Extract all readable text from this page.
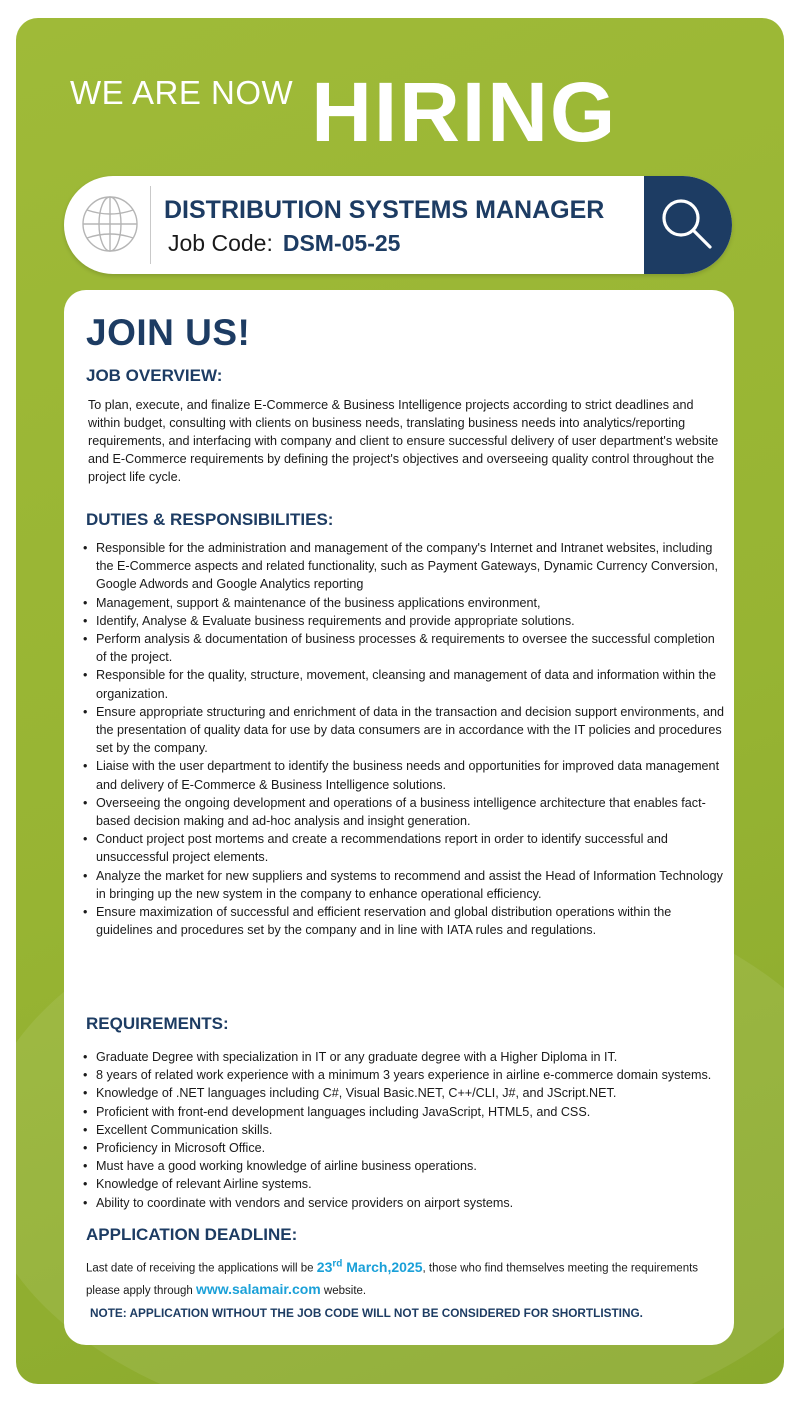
WE ARE NOW HIRING
DISTRIBUTION SYSTEMS MANAGER
Job Code: DSM-05-25
JOIN US!
JOB OVERVIEW:

To plan, execute, and finalize E-Commerce & Business Intelligence projects according to strict deadlines and within budget, consulting with clients on business needs, translating business needs into analytics/reporting requirements, and interfacing with company and client to ensure successful delivery of user department's website and E-Commerce requirements by defining the project's objectives and overseeing quality control throughout the project life cycle.

DUTIES & RESPONSIBILITIES:
• Responsible for the administration and management of the company's Internet and Intranet websites, including the E-Commerce aspects and related functionality, such as Payment Gateways, Dynamic Currency Conversion, Google Adwords and Google Analytics reporting
• Management, support & maintenance of the business applications environment,
• Identify, Analyse & Evaluate business requirements and provide appropriate solutions.
• Perform analysis & documentation of business processes & requirements to oversee the successful completion of the project.
• Responsible for the quality, structure, movement, cleansing and management of data and information within the organization.
• Ensure appropriate structuring and enrichment of data in the transaction and decision support environments, and the presentation of quality data for use by data consumers are in accordance with the IT policies and procedures set by the company.
• Liaise with the user department to identify the business needs and opportunities for improved data management and delivery of E-Commerce & Business Intelligence solutions.
• Overseeing the ongoing development and operations of a business intelligence architecture that enables fact-based decision making and ad-hoc analysis and insight generation.
• Conduct project post mortems and create a recommendations report in order to identify successful and unsuccessful project elements.
• Analyze the market for new suppliers and systems to recommend and assist the Head of Information Technology in bringing up the new system in the company to enhance operational efficiency.
• Ensure maximization of successful and efficient reservation and global distribution operations within the guidelines and procedures set by the company and in line with IATA rules and regulations.
REQUIREMENTS:
• Graduate Degree with specialization in IT or any graduate degree with a Higher Diploma in IT.
• 8 years of related work experience with a minimum 3 years experience in airline e-commerce domain systems.
• Knowledge of .NET languages including C#, Visual Basic.NET, C++/CLI, J#, and JScript.NET.
• Proficient with front-end development languages including JavaScript, HTML5, and CSS.
• Excellent Communication skills.
• Proficiency in Microsoft Office.
• Must have a good working knowledge of airline business operations.
• Knowledge of relevant Airline systems.
• Ability to coordinate with vendors and service providers on airport systems.
APPLICATION DEADLINE:
Last date of receiving the applications will be 23rd March,2025, those who find themselves meeting the requirements please apply through www.salamair.com website.
NOTE: APPLICATION WITHOUT THE JOB CODE WILL NOT BE CONSIDERED FOR SHORTLISTING.
